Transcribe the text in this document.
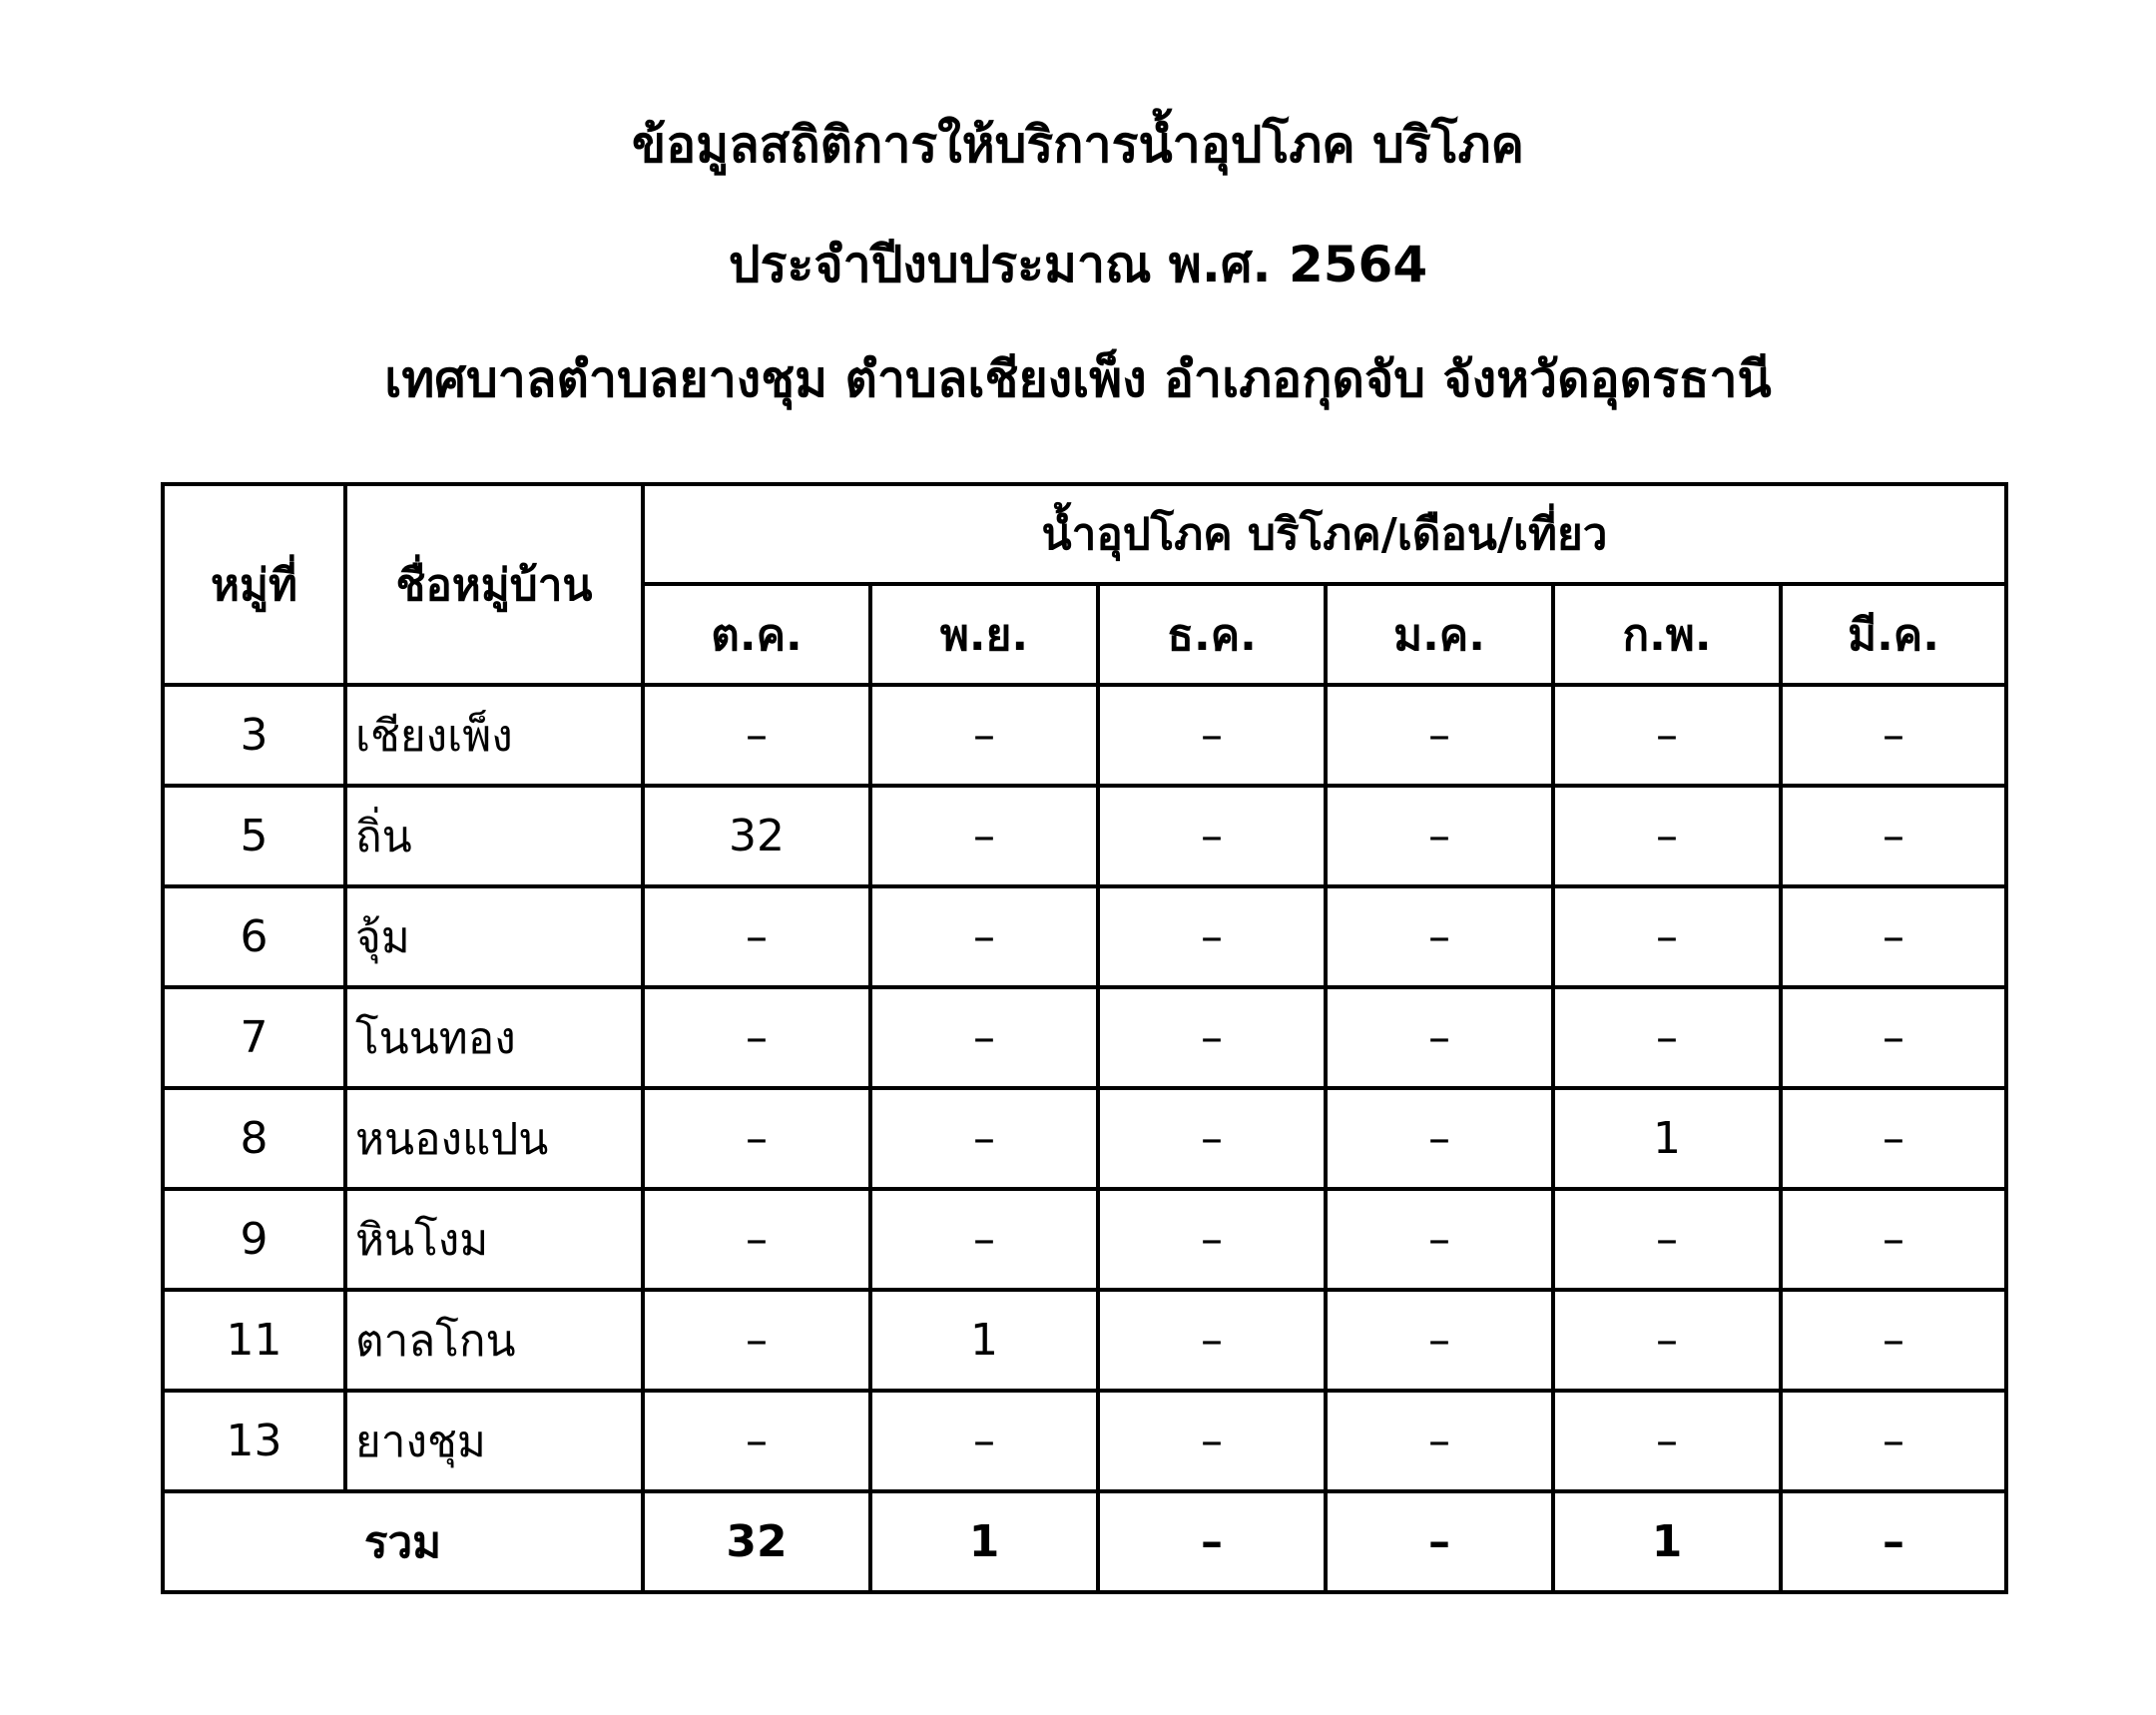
ข้อมูลสถิติการให้บริการน้ำอุปโภค บริโภค
ประจำปีงบประมาณ พ.ศ. 2564
เทศบาลตำบลยางชุม ตำบลเชียงเพ็ง อำเภอกุดจับ จังหวัดอุดรธานี
หมู่ที่	ชื่อหมู่บ้าน	น้ำอุปโภค บริโภค/เดือน/เที่ยว					
		ต.ค.	พ.ย.	ธ.ค.	ม.ค.	ก.พ.	มี.ค.
3	เชียงเพ็ง	–	–	–	–	–	–
5	ถิ่น	32	–	–	–	–	–
6	จุ้ม	–	–	–	–	–	–
7	โนนทอง	–	–	–	–	–	–
8	หนองแปน	–	–	–	–	1	–
9	หินโงม	–	–	–	–	–	–
11	ตาลโกน	–	1	–	–	–	–
13	ยางชุม	–	–	–	–	–	–
รวม		32	1	–	–	1	–
